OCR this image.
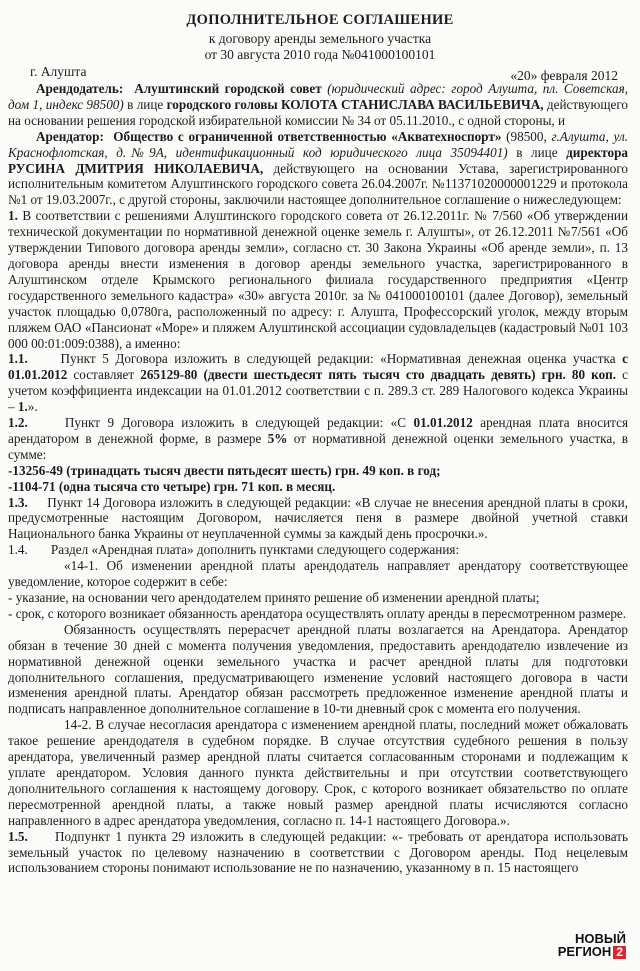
ДОПОЛНИТЕЛЬНОЕ СОГЛАШЕНИЕ
к договору аренды земельного участка
от 30 августа 2010 года №041000100101
г. Алушта	«20» февраля 2012

Арендодатель: Алуштинский городской совет (юридический адрес: город Алушта, пл. Советская, дом 1, индекс 98500) в лице городского головы КОЛОТА СТАНИСЛАВА ВАСИЛЬЕВИЧА, действующего на основании решения городской избирательной комиссии № 34 от 05.11.2010., с одной стороны, и

Арендатор: Общество с ограниченной ответственностью «Акватехноспорт» (98500, г.Алушта, ул. Краснофлотская, д.№9А, идентификационный код юридического лица 35094401) в лице директора РУСИНА ДМИТРИЯ НИКОЛАЕВИЧА, действующего на основании Устава, зарегистрированного исполнительным комитетом Алуштинского городского совета 26.04.2007г. №11371020000001229 и протокола №1 от 19.03.2007г., с другой стороны, заключили настоящее дополнительное соглашение о нижеследующем:

1. В соответствии с решениями Алуштинского городского совета от 26.12.2011г. № 7/560 «Об утверждении технической документации по нормативной денежной оценке земель г. Алушты», от 26.12.2011 №7/561 «Об утверждении Типового договора аренды земли», согласно ст. 30 Закона Украины «Об аренде земли», п. 13 договора аренды внести изменения в договор аренды земельного участка, зарегистрированного в Алуштинском отделе Крымского регионального филиала государственного предприятия «Центр государственного земельного кадастра» «30» августа 2010г. за № 041000100101 (далее Договор), земельный участок площадью 0,0780га, расположенный по адресу: г. Алушта, Профессорский уголок, между вторым пляжем ОАО «Пансионат «Море» и пляжем Алуштинской ассоциации судовладельцев (кадастровый №01 103 000 00:01:009:0388), а именно:

1.1. Пункт 5 Договора изложить в следующей редакции: «Нормативная денежная оценка участка с 01.01.2012 составляет 265129-80 (двести шестьдесят пять тысяч сто двадцать девять) грн. 80 коп. с учетом коэффициента индексации на 01.01.2012 соответствии с п. 289.3 ст. 289 Налогового кодекса Украины – 1.».

1.2.	Пункт 9 Договора изложить в следующей редакции: «С 01.01.2012 арендная плата вносится арендатором в денежной форме, в размере 5% от нормативной денежной оценки земельного участка, в сумме:

-13256-49 (тринадцать тысяч двести пятьдесят шесть) грн. 49 коп. в год;

-1104-71 (одна тысяча сто четыре) грн. 71 коп. в месяц.

1.3. Пункт 14 Договора изложить в следующей редакции: «В случае не внесения арендной платы в сроки, предусмотренные настоящим Договором, начисляется пеня в размере двойной учетной ставки Национального банка Украины от неуплаченной суммы за каждый день просрочки.».

1.4. Раздел «Арендная плата» дополнить пунктами следующего содержания:

«14-1. Об изменении арендной платы арендодатель направляет арендатору соответствующее уведомление, которое содержит в себе:

- указание, на основании чего арендодателем принято решение об изменении арендной платы;

- срок, с которого возникает обязанность арендатора осуществлять оплату аренды в пересмотренном размере.

Обязанность осуществлять перерасчет арендной платы возлагается на Арендатора. Арендатор обязан в течение 30 дней с момента получения уведомления, предоставить арендодателю извлечение из нормативной денежной оценки земельного участка и расчет арендной платы для подготовки дополнительного соглашения, предусматривающего изменение условий настоящего договора в части изменения арендной платы. Арендатор обязан рассмотреть предложенное изменение арендной платы и подписать направленное дополнительное соглашение в 10-ти дневный срок с момента его получения.

14-2. В случае несогласия арендатора с изменением арендной платы, последний может обжаловать такое решение арендодателя в судебном порядке. В случае отсутствия судебного решения в пользу арендатора, увеличенный размер арендной платы считается согласованным сторонами и подлежащим к уплате арендатором. Условия данного пункта действительны и при отсутствии соответствующего дополнительного соглашения к настоящему договору. Срок, с которого возникает обязательство по оплате пересмотренной арендной платы, а также новый размер арендной платы исчисляются согласно направленного в адрес арендатора уведомления, согласно п. 14-1 настоящего Договора.».

1.5. Подпункт 1 пункта 29 изложить в следующей редакции: «- требовать от арендатора использовать земельный участок по целевому назначению в соответствии с Договором аренды. Под нецелевым использованием стороны понимают использование не по назначению, указанному в п. 15 настоящего

НОВЫЙ
РЕГИОН 2
